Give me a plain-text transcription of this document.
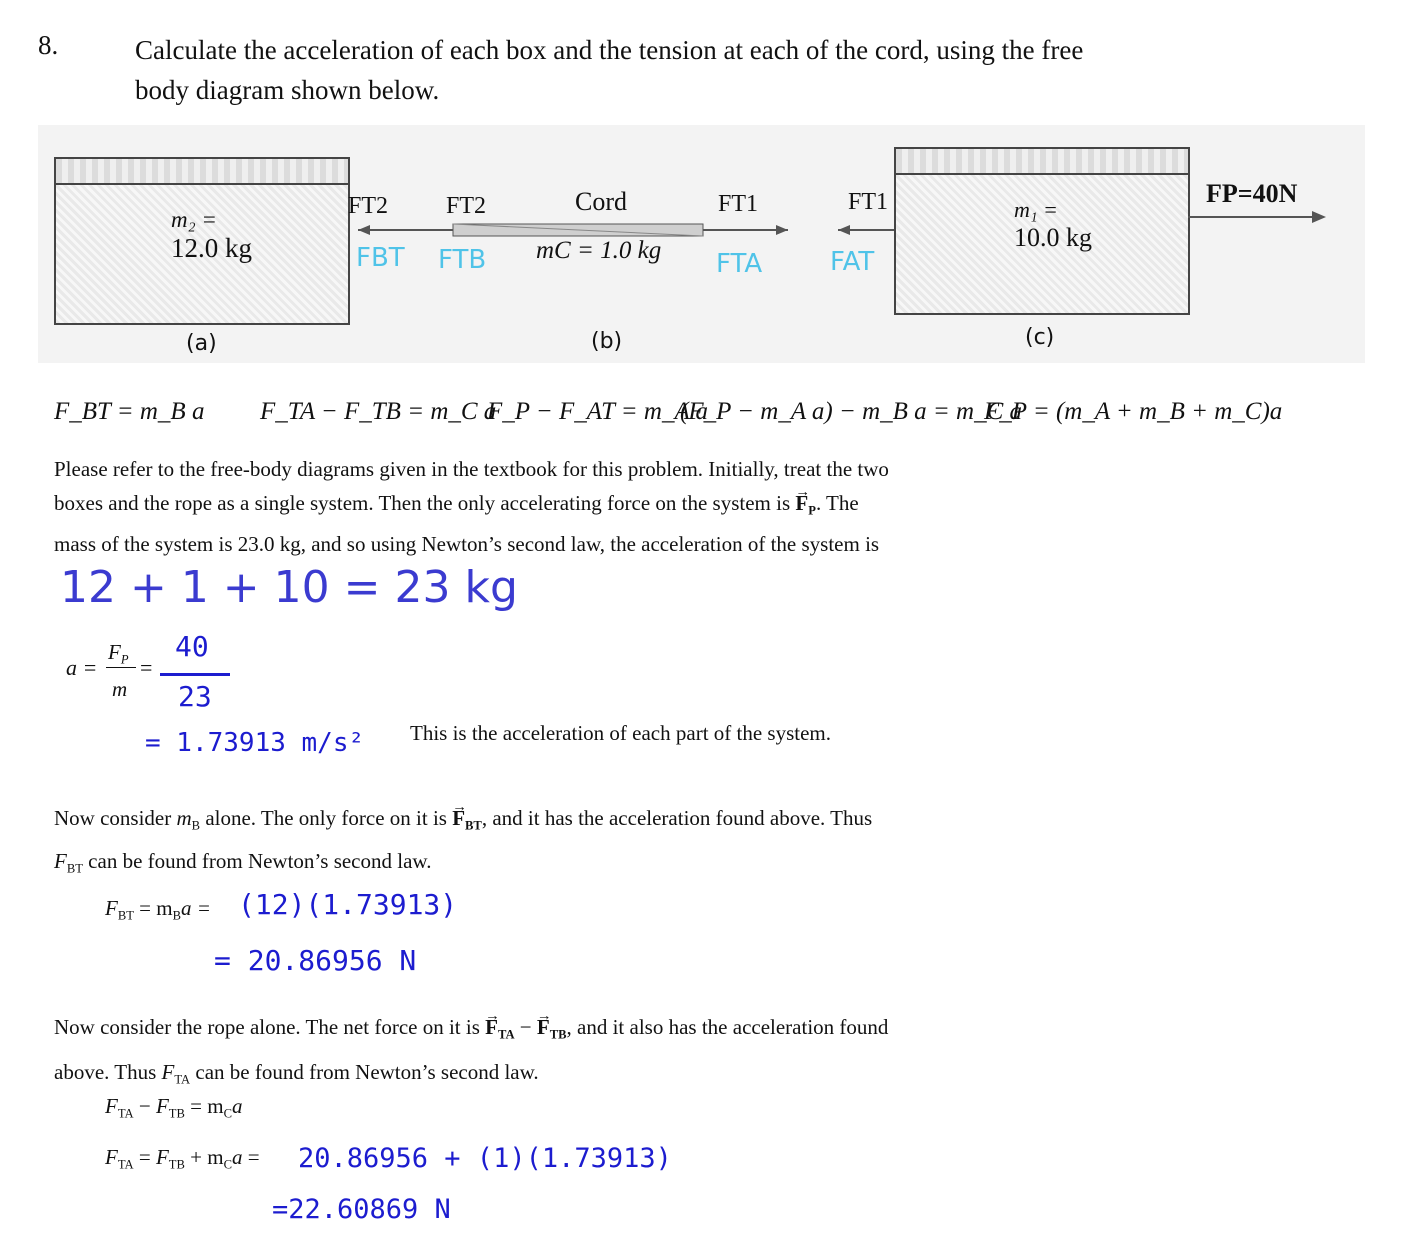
8.	Calculate the acceleration of each box and the tension at each of the cord, using the free
body diagram shown below.
m₂ =
12.0 kg
FT2
FBT
(a)
FT2	Cord	FT1
mC = 1.0 kg
FTB	FTA
(b)
FT1
FAT
m₁ =
10.0 kg
FP=40N
(c)
F_BT = m_B a F_TA − F_TB = m_C a
F_P − F_AT = m_A a
(F_P − m_A a) − m_B a = m_C a
F_P = (m_A + m_B + m_C)a
Please refer to the free-body diagrams given in the textbook for this problem. Initially, treat the two
boxes and the rope as a single system. Then the only accelerating force on the system is → $F_P$. The
mass of the system is 23.0 kg, and so using Newton’s second law, the acceleration of the system is
12 + 1 + 10 = 23 kg
a =
$F_P$
m
=
40
23
= 1.73913 m/s² This is the acceleration of each part of the system.
Now consider $m_B$ alone. The only force on it is → $F_{BT}$, and it has the acceleration found above. Thus
$F_{BT}$ can be found from Newton’s second law.
$F_{BT} = m_Ba = (12)(1.73913)$
= 20.86956 N
Now consider the rope alone. The net force on it is → $F_{TA}$ − → $F_{TB}$, and it also has the acceleration found
above. Thus $F_{TA}$ can be found from Newton’s second law.
$F_{TA} - F_{TB} = m_Ca$
$F_{TA} = F_{TB} + m_Ca = 20.86956 + (1)(1.73913)$
=22.60869 N
